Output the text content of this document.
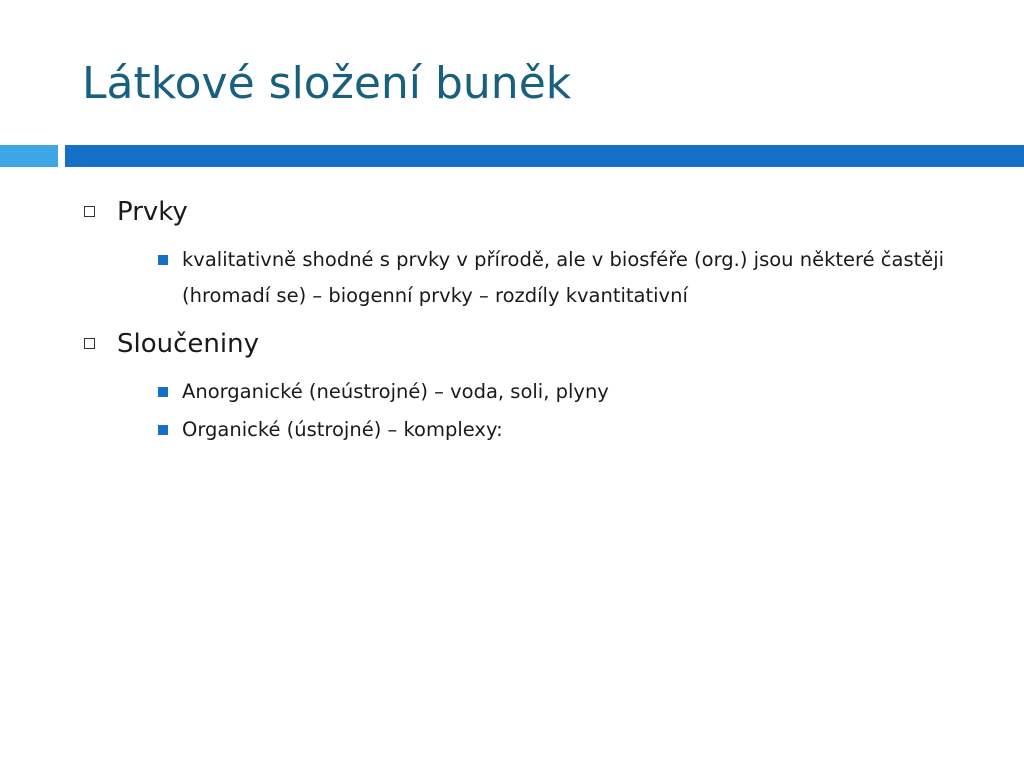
Látkové složení buněk
Prvky
kvalitativně shodné s prvky v přírodě, ale v biosféře (org.) jsou některé častěji (hromadí se) – biogenní prvky – rozdíly kvantitativní
Sloučeniny
Anorganické (neústrojné) – voda, soli, plyny
Organické (ústrojné) – komplexy:
